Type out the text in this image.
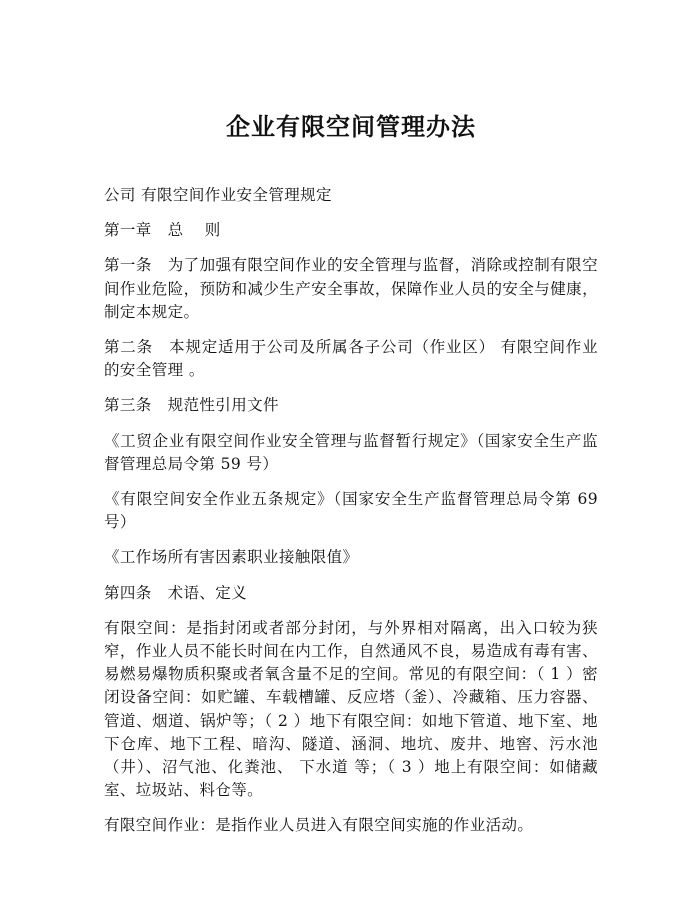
企业有限空间管理办法

公司 有限空间作业安全管理规定

第一章　总　 则

第一条　为了加强有限空间作业的安全管理与监督，消除或控制有限空间作业危险，预防和减少生产安全事故，保障作业人员的安全与健康，制定本规定。

第二条　本规定适用于公司及所属各子公司（作业区） 有限空间作业的安全管理 。

第三条　规范性引用文件

《工贸企业有限空间作业安全管理与监督暂行规定》（国家安全生产监督管理总局令第 59 号）

《有限空间安全作业五条规定》（国家安全生产监督管理总局令第 69 号）

《工作场所有害因素职业接触限值》

第四条　术语、定义

有限空间：是指封闭或者部分封闭，与外界相对隔离，出入口较为狭窄，作业人员不能长时间在内工作，自然通风不良，易造成有毒有害、易燃易爆物质积聚或者氧含量不足的空间。常见的有限空间：（ 1 ）密闭设备空间：如贮罐、车载槽罐、反应塔（釜）、冷藏箱、压力容器、管道、烟道、锅炉等；（ 2 ）地下有限空间：如地下管道、地下室、地下仓库、地下工程、暗沟、隧道、涵洞、地坑、废井、地窖、污水池（井）、沼气池、化粪池、 下水道 等；（ 3 ）地上有限空间：如储藏室、垃圾站、料仓等。

有限空间作业：是指作业人员进入有限空间实施的作业活动。
